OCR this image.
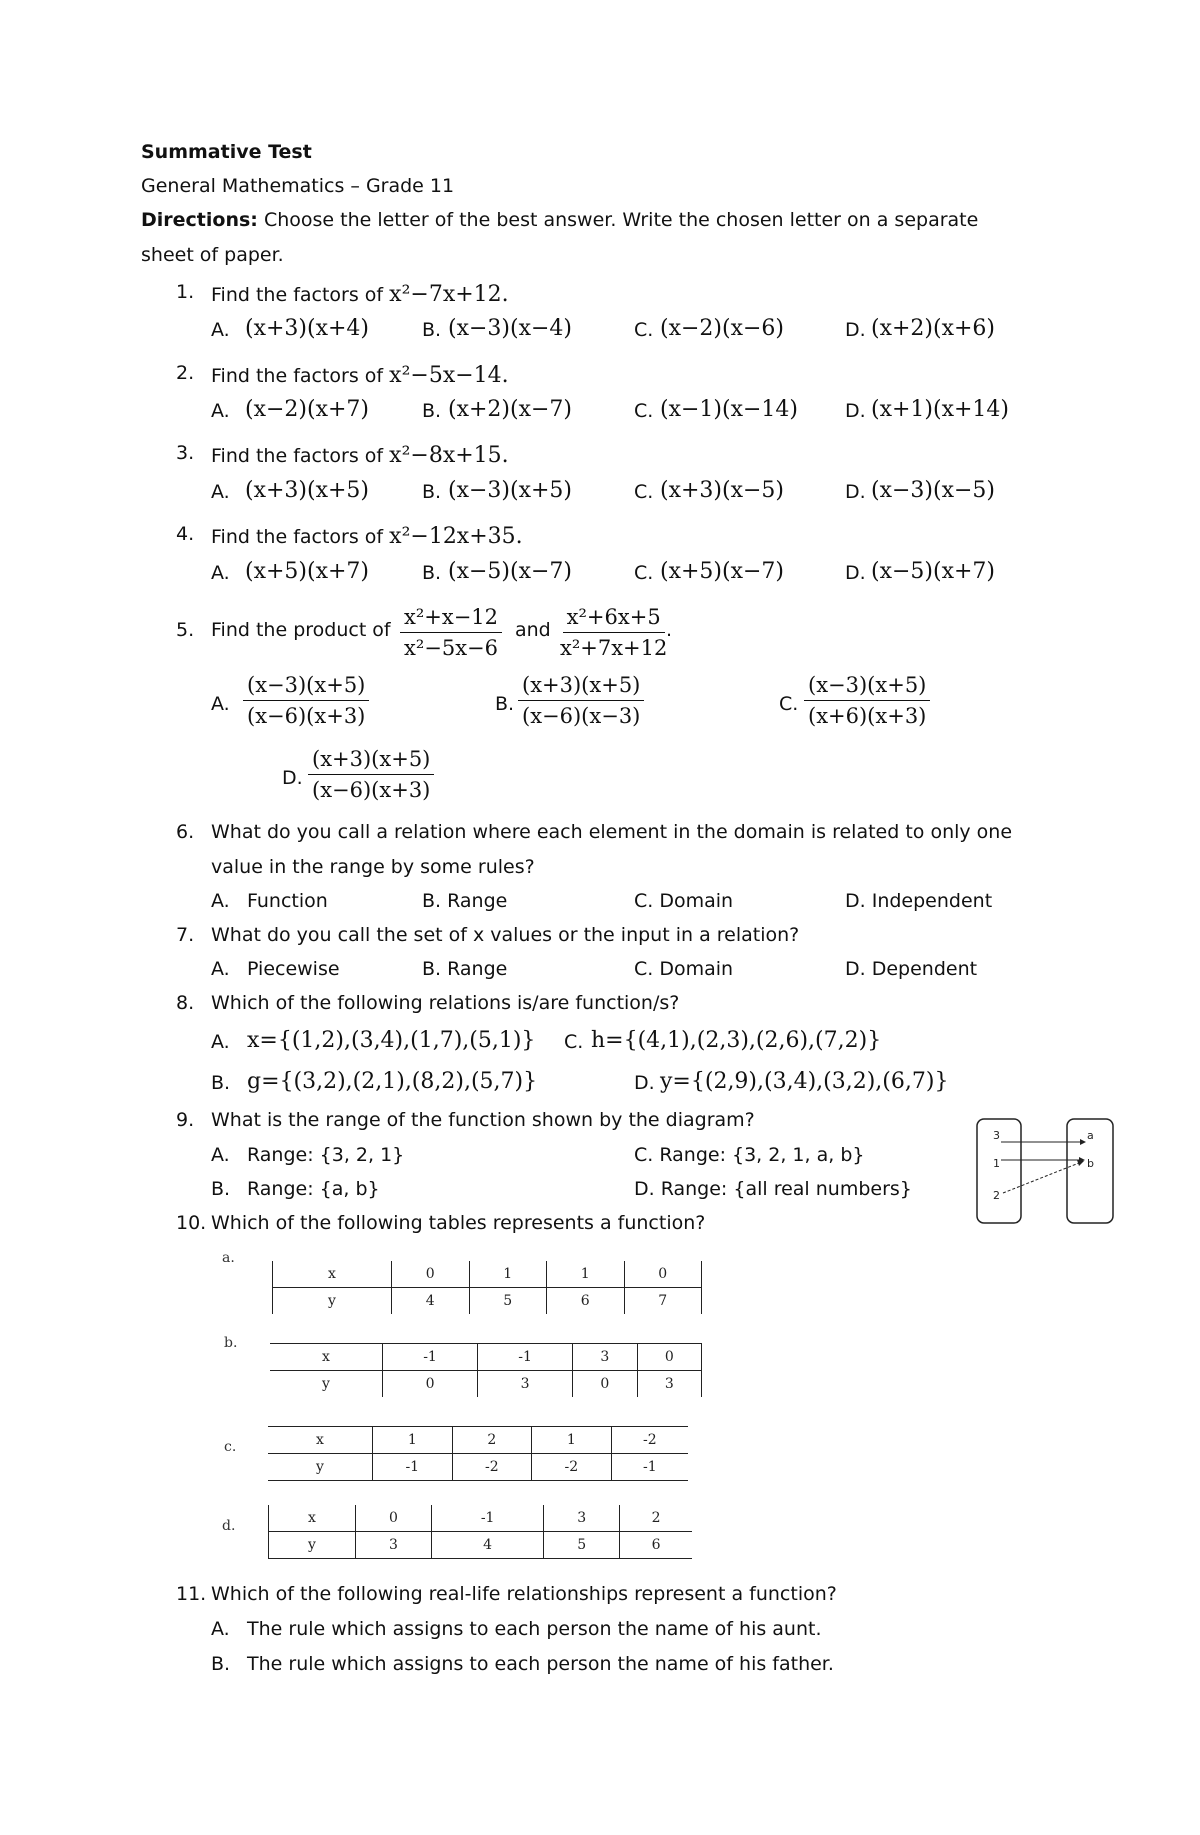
Summative Test
General Mathematics – Grade 11
Directions: Choose the letter of the best answer. Write the chosen letter on a separate
sheet of paper.
1. Find the factors of x²−7x+12.
A. (x+3)(x+4)	B. (x−3)(x−4)	C. (x−2)(x−6)	D. (x+2)(x+6)
2. Find the factors of x²−5x−14.
A. (x−2)(x+7)	B. (x+2)(x−7)	C. (x−1)(x−14) D. (x+1)(x+14)
3. Find the factors of x²−8x+15.
A. (x+3)(x+5)	B. (x−3)(x+5)	C. (x+3)(x−5)	D. (x−3)(x−5)
4. Find the factors of x²−12x+35.
A. (x+5)(x+7)	B. (x−5)(x−7)	C. (x+5)(x−7)	D. (x−5)(x+7)
5. Find the product of $\frac{\text{x²+x−12}}{\text{x²−5x−6}}$ and $\frac{\text{x²+6x+5}}{\text{x²+7x+12}}$
.
A. $\frac{(x-3)(x+5)}{(x-6)(x+3)}$	B. $\frac{(x+3)(x+5)}{(x-6)(x-3)}$	C. $\frac{(x-3)(x+5)}{(x+6)(x+3)}$
D. $\frac{(x+3)(x+5)}{(x-6)(x+3)}$
6. What do you call a relation where each element in the domain is related to only one
value in the range by some rules?
A. Function	B. Range	C. Domain	D. Independent
7. What do you call the set of x values or the input in a relation?
A. Piecewise	B. Range	C. Domain	D. Dependent
8. Which of the following relations is/are function/s?
A. x={(1,2),(3,4),(1,7),(5,1)} C. h={(4,1),(2,3),(2,6),(7,2)}
B. g={(3,2),(2,1),(8,2),(5,7)}	D. y={(2,9),(3,4),(3,2),(6,7)}
9. What is the range of the function shown by the diagram?
A. Range: {3, 2, 1}	C. Range: {3, 2, 1, a, b}
B. Range: {a, b}	D. Range: {all real numbers}
3
1
2
a
b
10. Which of the following tables represents a function?
a.
x	0	1	1	0
y	4	5	6	7
b.
x	-1	-1	3	0
y	0	3	0	3
c.	x	1	2	1	-2
y	-1	-2	-2	-1
d.	x	0	-1	3	2
y	3	4	5	6
11. Which of the following real-life relationships represent a function?
A. The rule which assigns to each person the name of his aunt.
B. The rule which assigns to each person the name of his father.
